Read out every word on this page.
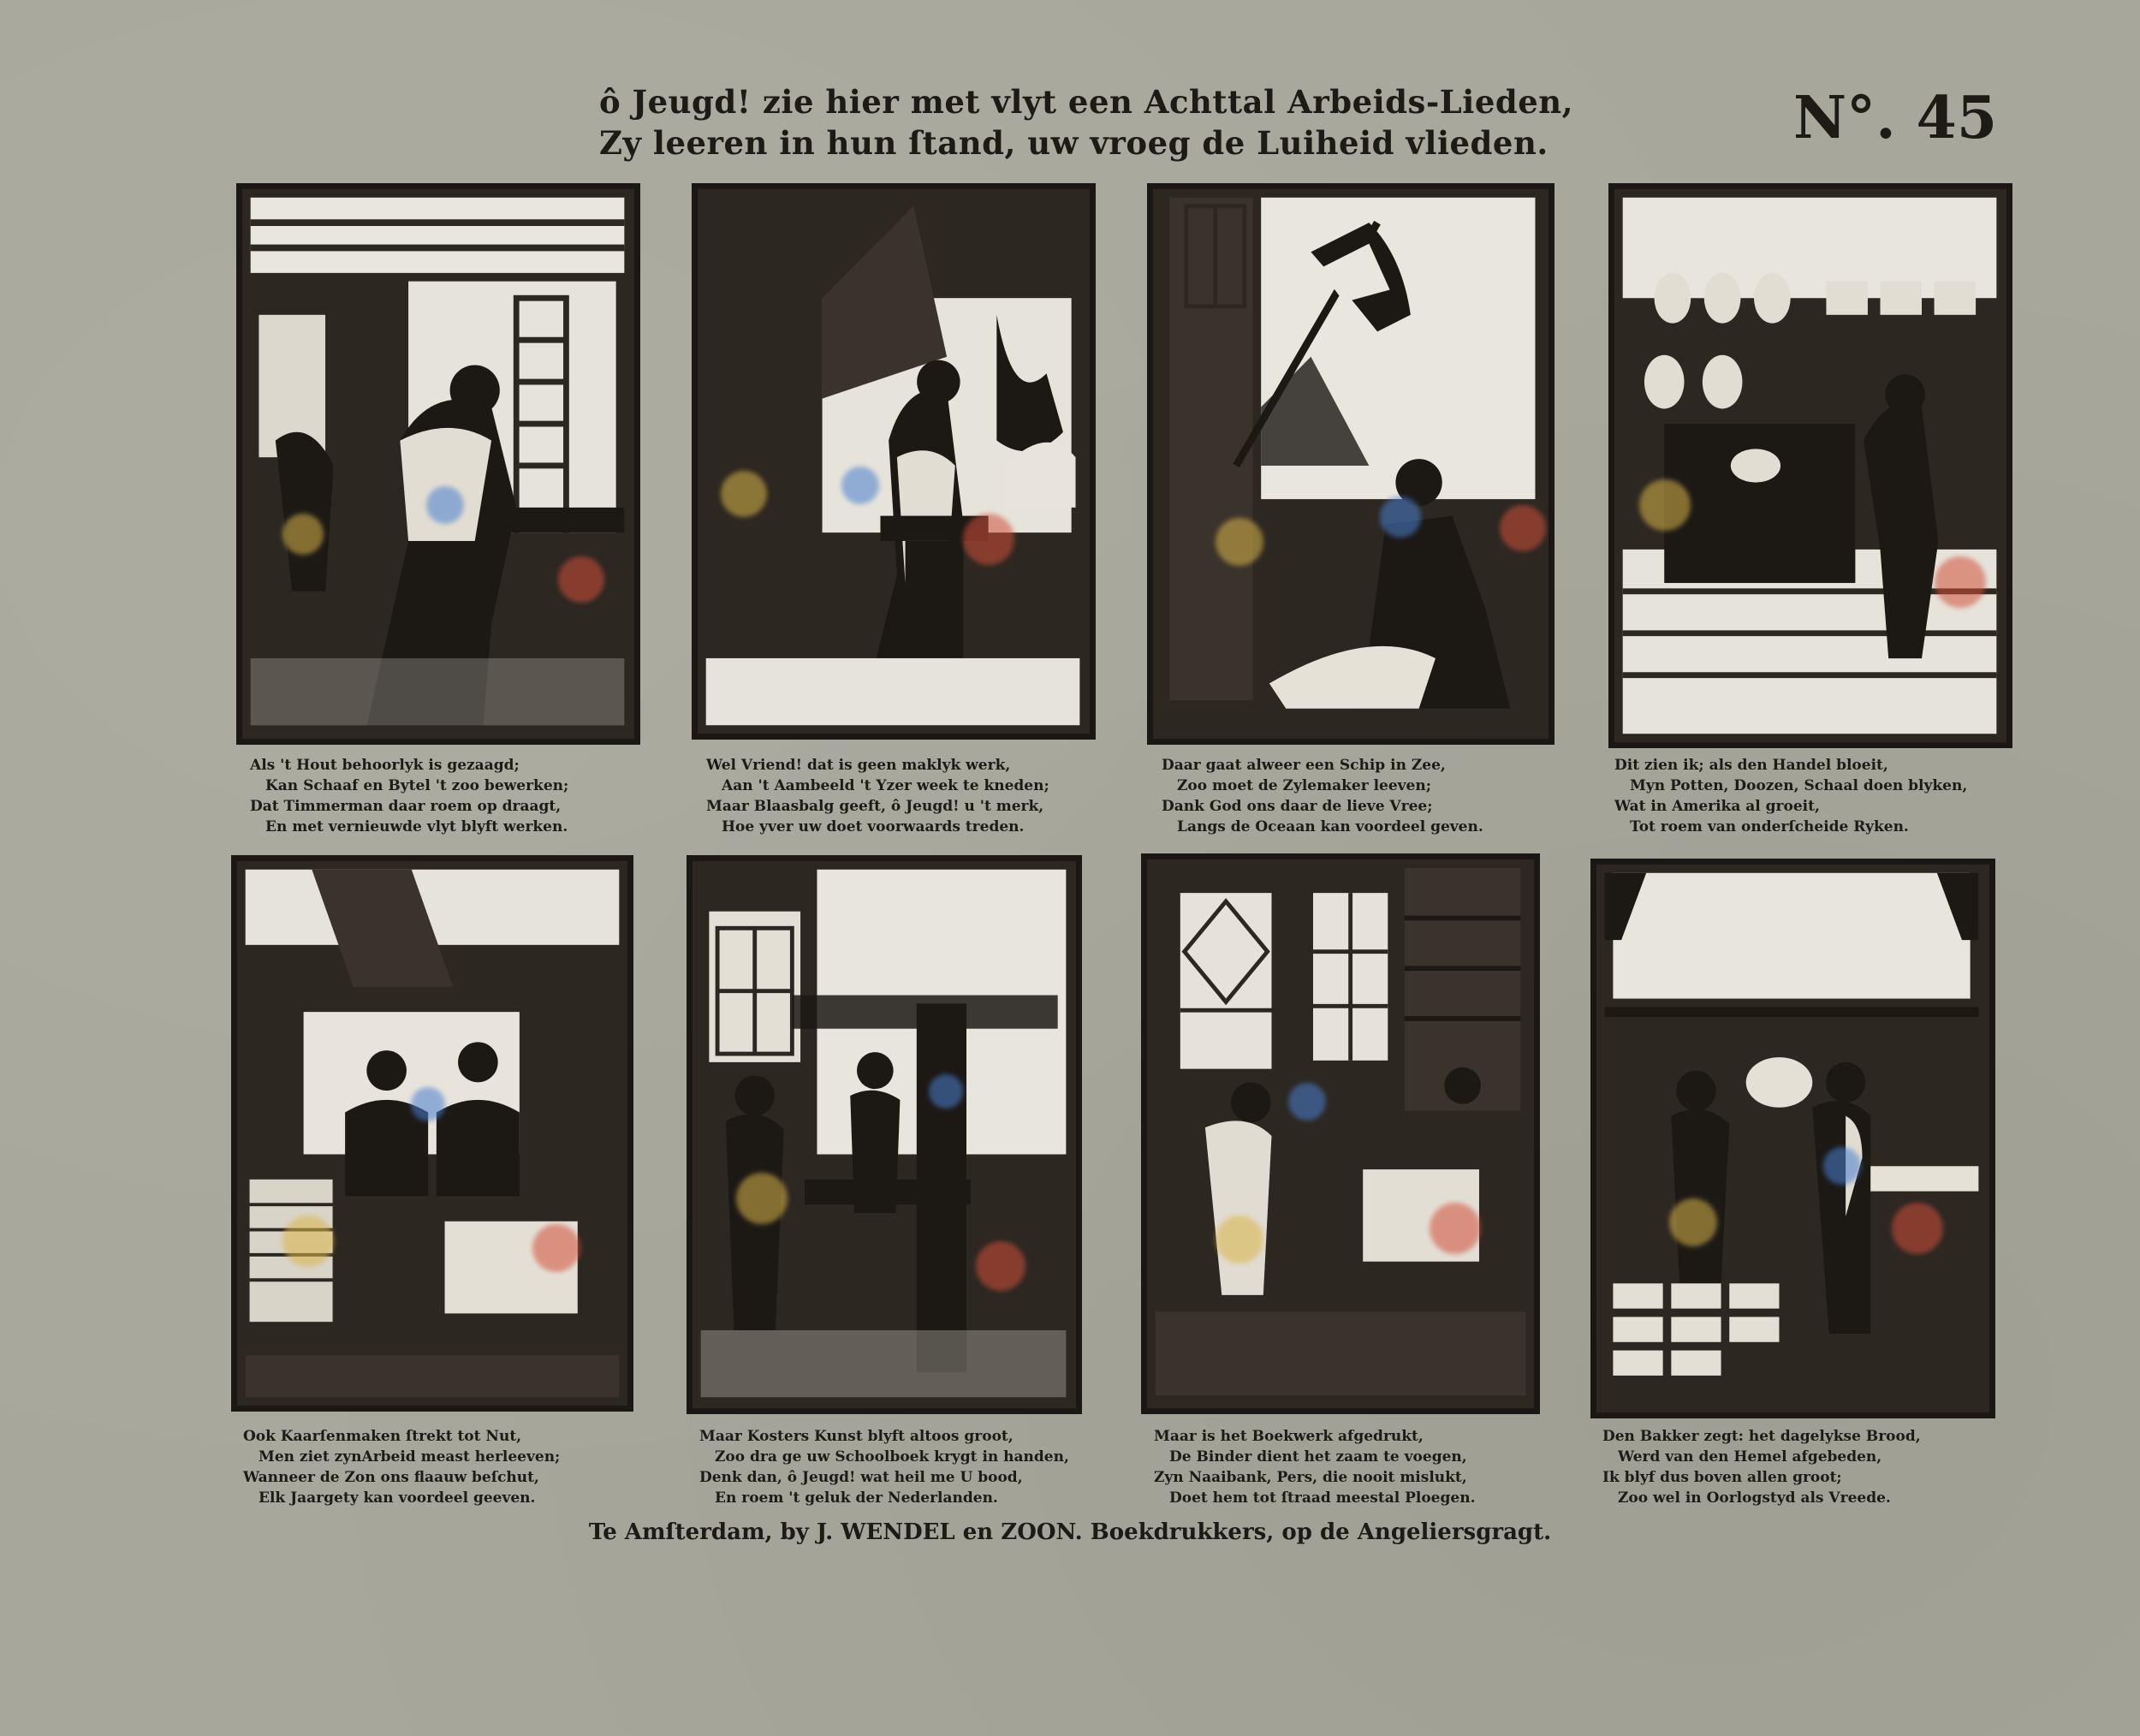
ô Jeugd! zie hier met vlyt een Achttal Arbeids-Lieden,
Zy leeren in hun ſtand, uw vroeg de Luiheid vlieden.	N°. 45
Als 't Hout behoorlyk is gezaagd;
Kan Schaaf en Bytel 't zoo bewerken;
Dat Timmerman daar roem op draagt,
En met vernieuwde vlyt blyft werken.
Wel Vriend! dat is geen maklyk werk,
Aan 't Aambeeld 't Yzer week te kneden;
Maar Blaasbalg geeft, ô Jeugd! u 't merk,
Hoe yver uw doet voorwaards treden.
Daar gaat alweer een Schip in Zee,
Zoo moet de Zylemaker leeven;
Dank God ons daar de lieve Vree;
Langs de Oceaan kan voordeel geven.
Dit zien ik; als den Handel bloeit,
Myn Potten, Doozen, Schaal doen blyken,
Wat in Amerika al groeit,
Tot roem van onderſcheide Ryken.
Ook Kaarſenmaken ſtrekt tot Nut,
Men ziet zynArbeid meast herleeven;
Wanneer de Zon ons flaauw beſchut,
Elk Jaargety kan voordeel geeven.
Maar Kosters Kunst blyft altoos groot,
Zoo dra ge uw Schoolboek krygt in handen,
Denk dan, ô Jeugd! wat heil me U bood,
En roem 't geluk der Nederlanden.
Maar is het Boekwerk afgedrukt,
De Binder dient het zaam te voegen,
Zyn Naaibank, Pers, die nooit mislukt,
Doet hem tot ſtraad meestal Ploegen.
Den Bakker zegt: het dagelykse Brood,
Werd van den Hemel afgebeden,
Ik blyf dus boven allen groot;
Zoo wel in Oorlogstyd als Vreede.
Te Amſterdam, by J. WENDEL en ZOON. Boekdrukkers, op de Angeliersgragt.
